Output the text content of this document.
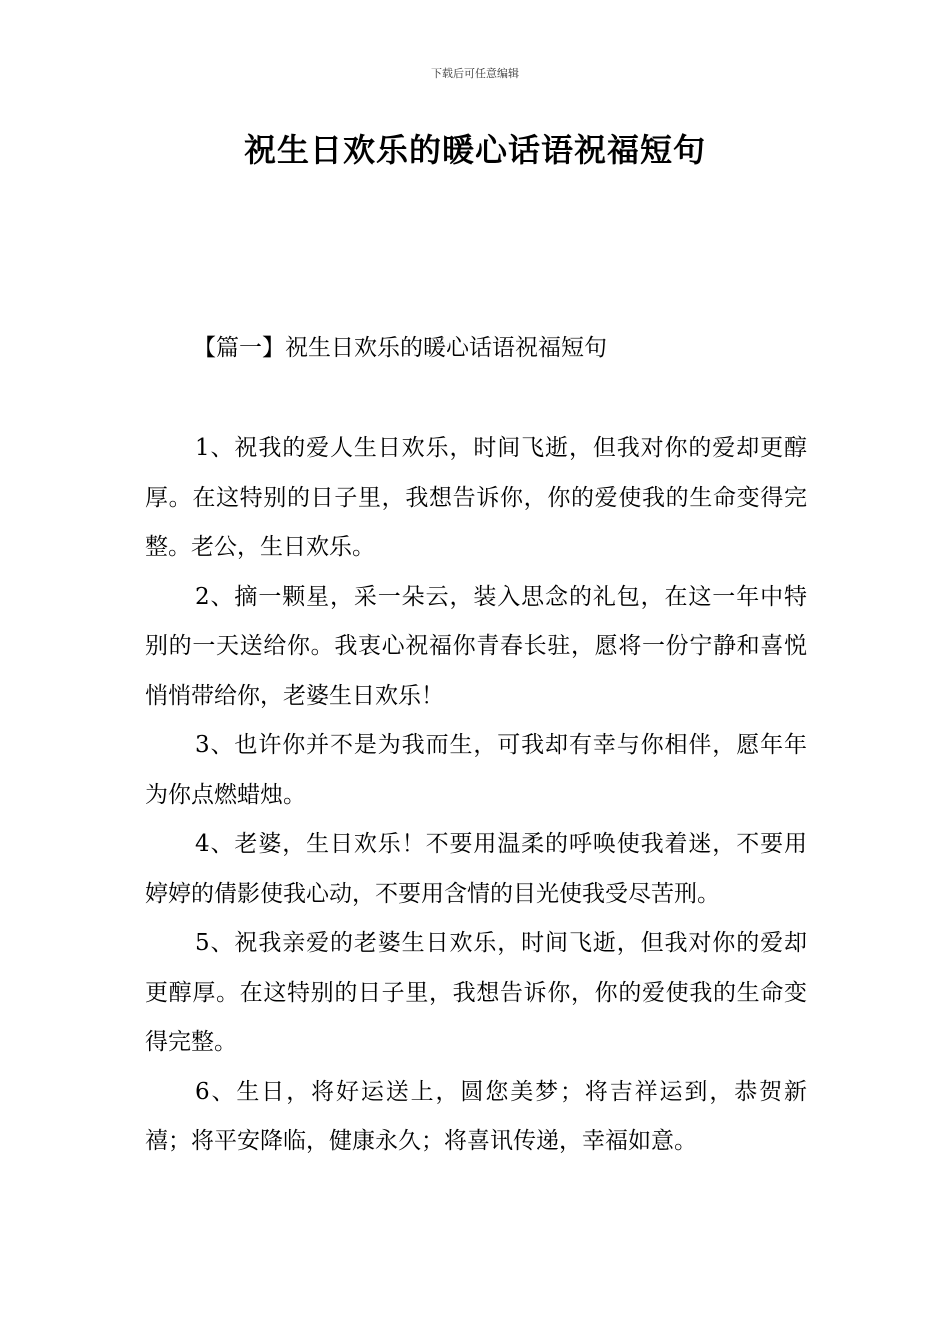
下载后可任意编辑
祝生日欢乐的暖心话语祝福短句
【篇一】祝生日欢乐的暖心话语祝福短句

1、祝我的爱人生日欢乐，时间飞逝，但我对你的爱却更醇厚。在这特别的日子里，我想告诉你，你的爱使我的生命变得完整。老公，生日欢乐。

2、摘一颗星，采一朵云，装入思念的礼包，在这一年中特别的一天送给你。我衷心祝福你青春长驻，愿将一份宁静和喜悦悄悄带给你，老婆生日欢乐！

3、也许你并不是为我而生，可我却有幸与你相伴，愿年年为你点燃蜡烛。

4、老婆，生日欢乐！不要用温柔的呼唤使我着迷，不要用婷婷的倩影使我心动，不要用含情的目光使我受尽苦刑。

5、祝我亲爱的老婆生日欢乐，时间飞逝，但我对你的爱却更醇厚。在这特别的日子里，我想告诉你，你的爱使我的生命变得完整。

6、生日，将好运送上，圆您美梦；将吉祥运到，恭贺新禧；将平安降临，健康永久；将喜讯传递，幸福如意。
